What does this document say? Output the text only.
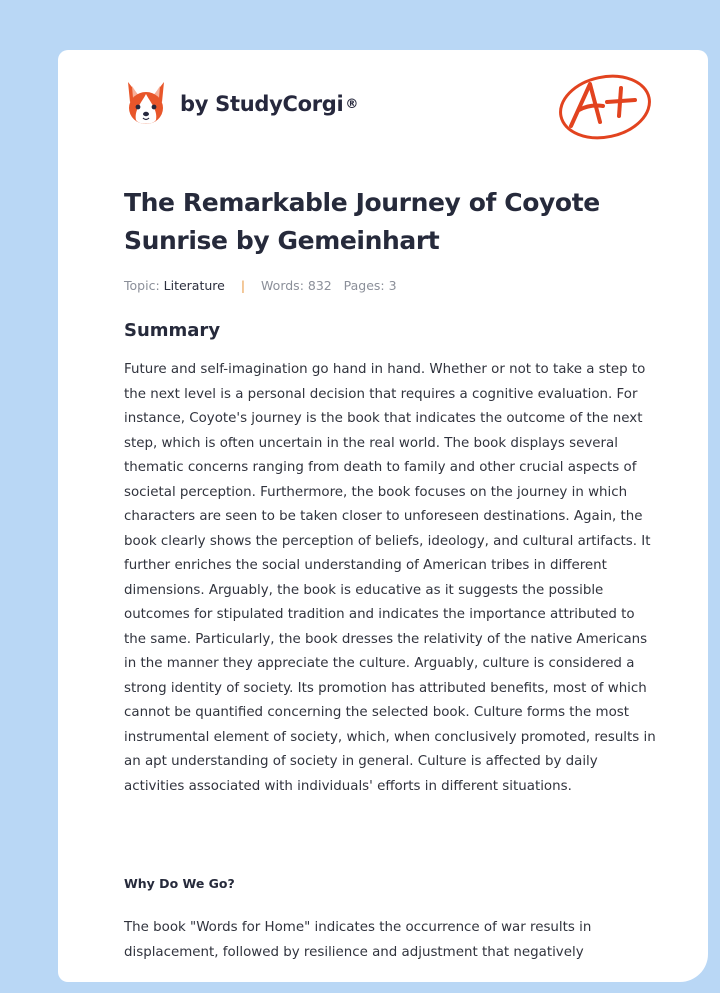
by StudyCorgi ®
The Remarkable Journey of Coyote Sunrise by Gemeinhart
Topic: Literature | Words: 832 Pages: 3
Summary
Future and self-imagination go hand in hand. Whether or not to take a step to the next level is a personal decision that requires a cognitive evaluation. For instance, Coyote's journey is the book that indicates the outcome of the next step, which is often uncertain in the real world. The book displays several thematic concerns ranging from death to family and other crucial aspects of societal perception. Furthermore, the book focuses on the journey in which characters are seen to be taken closer to unforeseen destinations. Again, the book clearly shows the perception of beliefs, ideology, and cultural artifacts. It further enriches the social understanding of American tribes in different dimensions. Arguably, the book is educative as it suggests the possible outcomes for stipulated tradition and indicates the importance attributed to the same. Particularly, the book dresses the relativity of the native Americans in the manner they appreciate the culture. Arguably, culture is considered a strong identity of society. Its promotion has attributed benefits, most of which cannot be quantified concerning the selected book. Culture forms the most instrumental element of society, which, when conclusively promoted, results in an apt understanding of society in general. Culture is affected by daily activities associated with individuals' efforts in different situations.
Why Do We Go?
The book "Words for Home" indicates the occurrence of war results in displacement, followed by resilience and adjustment that negatively
